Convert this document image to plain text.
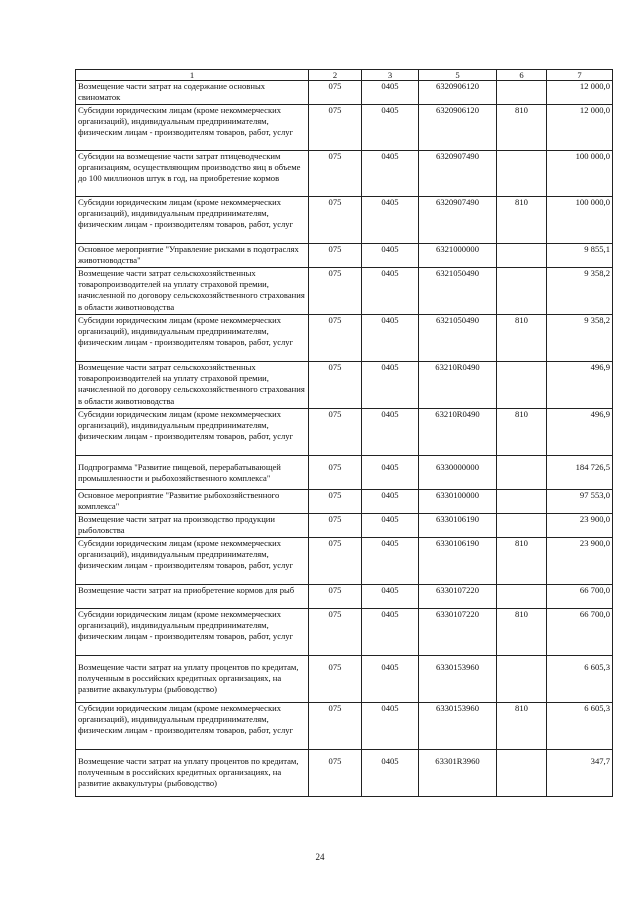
1	2	3	5	6	7
Возмещение части затрат на содержание основных свиноматок	075	0405	6320906120		12 000,0
Субсидии юридическим лицам (кроме некоммерческих организаций), индивидуальным предпринимателям, физическим лицам - производителям товаров, работ, услуг	075	0405	6320906120	810	12 000,0
Субсидии на возмещение части затрат птицеводческим организациям, осуществляющим производство яиц в объеме до 100 миллионов штук в год, на приобретение кормов	075	0405	6320907490		100 000,0
Субсидии юридическим лицам (кроме некоммерческих организаций), индивидуальным предпринимателям, физическим лицам - производителям товаров, работ, услуг	075	0405	6320907490	810	100 000,0
Основное мероприятие "Управление рисками в подотраслях животноводства"	075	0405	6321000000		9 855,1
Возмещение части затрат сельскохозяйственных товаропроизводителей на уплату страховой премии, начисленной по договору сельскохозяйственного страхования в области животноводства	075	0405	6321050490		9 358,2
Субсидии юридическим лицам (кроме некоммерческих организаций), индивидуальным предпринимателям, физическим лицам - производителям товаров, работ, услуг	075	0405	6321050490	810	9 358,2
Возмещение части затрат сельскохозяйственных товаропроизводителей на уплату страховой премии, начисленной по договору сельскохозяйственного страхования в области животноводства	075	0405	63210R0490		496,9
Субсидии юридическим лицам (кроме некоммерческих организаций), индивидуальным предпринимателям, физическим лицам - производителям товаров, работ, услуг	075	0405	63210R0490	810	496,9
Подпрограмма "Развитие пищевой, перерабатывающей промышленности и рыбохозяйственного комплекса"	075	0405	6330000000		184 726,5
Основное мероприятие "Развитие рыбохозяйственного комплекса"	075	0405	6330100000		97 553,0
Возмещение части затрат на производство продукции рыболовства	075	0405	6330106190		23 900,0
Субсидии юридическим лицам (кроме некоммерческих организаций), индивидуальным предпринимателям, физическим лицам - производителям товаров, работ, услуг	075	0405	6330106190	810	23 900,0
Возмещение части затрат на приобретение кормов для рыб	075	0405	6330107220		66 700,0
Субсидии юридическим лицам (кроме некоммерческих организаций), индивидуальным предпринимателям, физическим лицам - производителям товаров, работ, услуг	075	0405	6330107220	810	66 700,0
Возмещение части затрат на уплату процентов по кредитам, полученным в российских кредитных организациях, на развитие аквакультуры (рыбоводство)	075	0405	6330153960		6 605,3
Субсидии юридическим лицам (кроме некоммерческих организаций), индивидуальным предпринимателям, физическим лицам - производителям товаров, работ, услуг	075	0405	6330153960	810	6 605,3
Возмещение части затрат на уплату процентов по кредитам, полученным в российских кредитных организациях, на развитие аквакультуры (рыбоводство)	075	0405	63301R3960		347,7
24
